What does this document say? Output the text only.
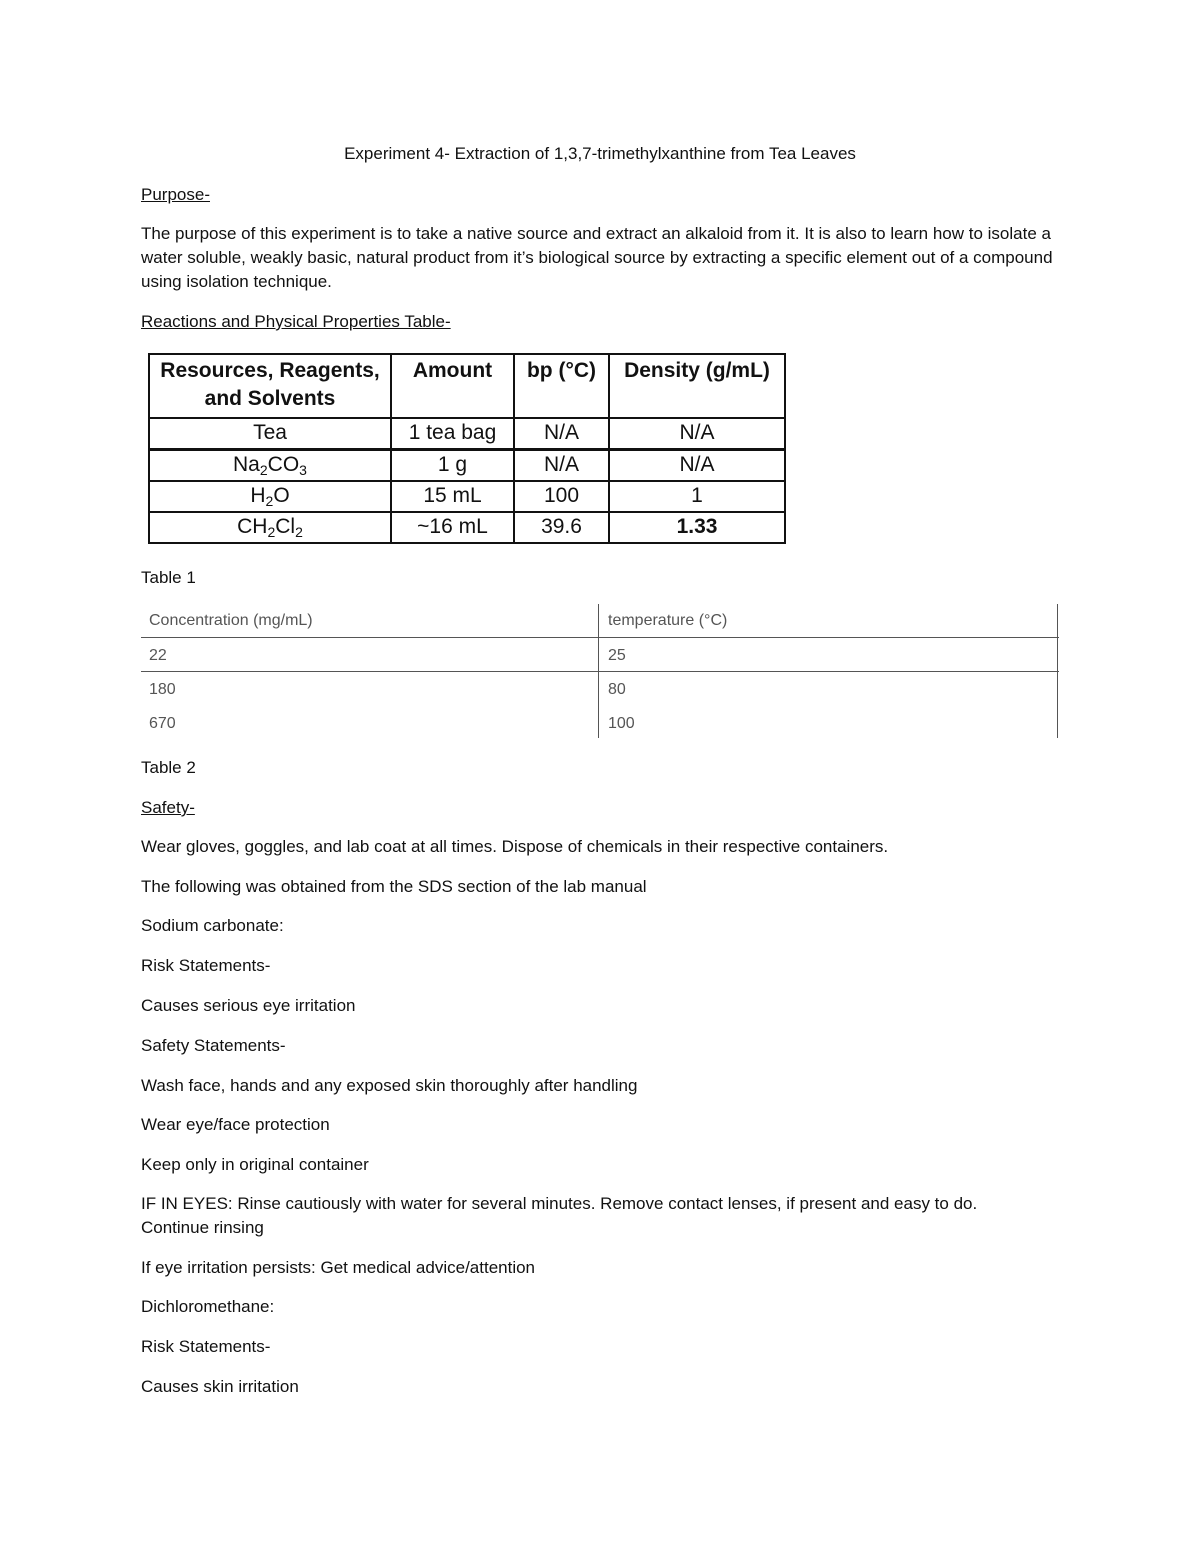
Experiment 4- Extraction of 1,3,7-trimethylxanthine from Tea Leaves
Purpose-
The purpose of this experiment is to take a native source and extract an alkaloid from it. It is also to learn how to isolate a water soluble, weakly basic, natural product from it’s biological source by extracting a specific element out of a compound using isolation technique.
Reactions and Physical Properties Table-
Resources, Reagents, and Solvents	Amount	bp (°C)	Density (g/mL)
Tea	1 tea bag	N/A	N/A
$Na_2CO_3$	1 g	N/A	N/A
$H_2O$	15 mL	100	1
$CH_2Cl_2$	~16 mL	39.6	1.33
Table 1
Concentration (mg/mL)	temperature (°C)
22	25
180	80
670	100
Table 2
Safety-
Wear gloves, goggles, and lab coat at all times. Dispose of chemicals in their respective containers.
The following was obtained from the SDS section of the lab manual
Sodium carbonate:
Risk Statements-
Causes serious eye irritation
Safety Statements-
Wash face, hands and any exposed skin thoroughly after handling
Wear eye/face protection
Keep only in original container
IF IN EYES: Rinse cautiously with water for several minutes. Remove contact lenses, if present and easy to do.
Continue rinsing
If eye irritation persists: Get medical advice/attention
Dichloromethane:
Risk Statements-
Causes skin irritation
